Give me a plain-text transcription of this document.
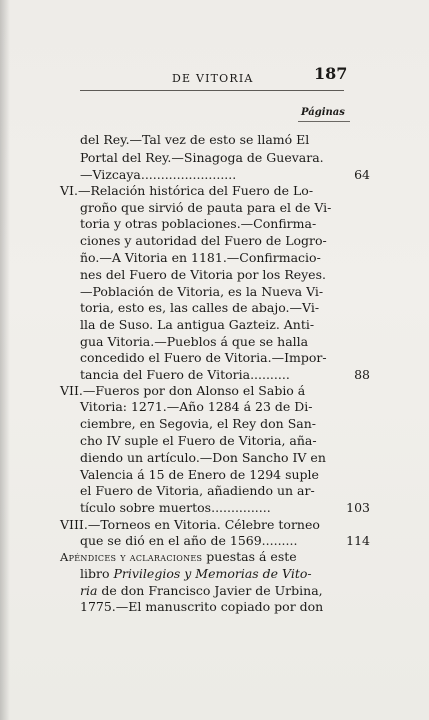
DE VITORIA	187
Páginas
del Rey.—Tal vez de esto se llamó El
Portal del Rey.—Sinagoga de Guevara.
—Vizcaya........................	64
VI.—Relación histórica del Fuero de Lo-
groño que sirvió de pauta para el de Vi-
toria y otras poblaciones.—Confirma-
ciones y autoridad del Fuero de Logro-
ño.—A Vitoria en 1181.—Confirmacio-
nes del Fuero de Vitoria por los Reyes.
—Población de Vitoria, es la Nueva Vi-
toria, esto es, las calles de abajo.—Vi-
lla de Suso. La antigua Gazteiz. Anti-
gua Vitoria.—Pueblos á que se halla
concedido el Fuero de Vitoria.—Impor-
tancia del Fuero de Vitoria..........	88
VII.—Fueros por don Alonso el Sabio á
Vitoria: 1271.—Año 1284 á 23 de Di-
ciembre, en Segovia, el Rey don San-
cho IV suple el Fuero de Vitoria, aña-
diendo un artículo.—Don Sancho IV en
Valencia á 15 de Enero de 1294 suple
el Fuero de Vitoria, añadiendo un ar-
tículo sobre muertos...............	103
VIII.—Torneos en Vitoria. Célebre torneo
que se dió en el año de 1569.........	114
Apéndices y aclaraciones puestas á este
libro Privilegios y Memorias de Vito-
ria de don Francisco Javier de Urbina,
1775.—El manuscrito copiado por don
